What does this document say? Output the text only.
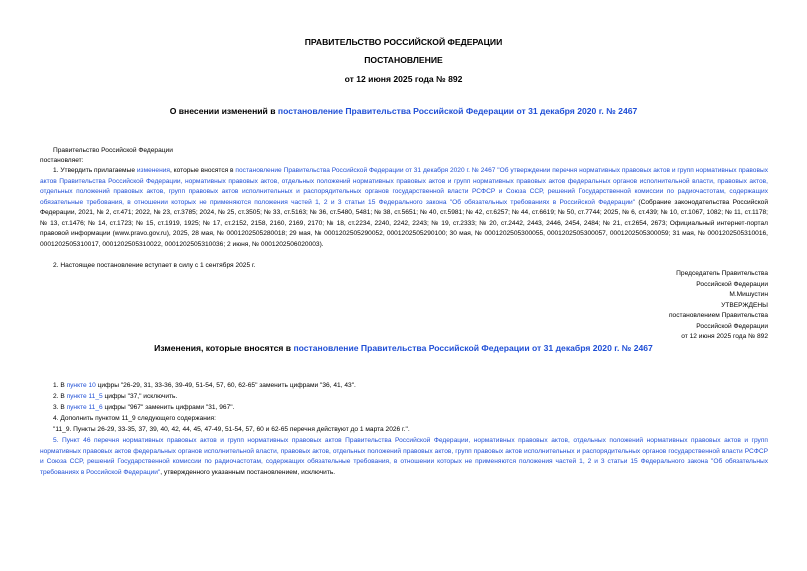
ПРАВИТЕЛЬСТВО РОССИЙСКОЙ ФЕДЕРАЦИИ
ПОСТАНОВЛЕНИЕ
от 12 июня 2025 года № 892
О внесении изменений в постановление Правительства Российской Федерации от 31 декабря 2020 г. № 2467
Правительство Российской Федерации
постановляет:
1. Утвердить прилагаемые изменения, которые вносятся в постановление Правительства Российской Федерации от 31 декабря 2020 г. № 2467 "Об утверждении перечня нормативных правовых актов и групп нормативных правовых актов Правительства Российской Федерации, нормативных правовых актов, отдельных положений нормативных правовых актов и групп нормативных правовых актов федеральных органов исполнительной власти, правовых актов, отдельных положений правовых актов, групп правовых актов исполнительных и распорядительных органов государственной власти РСФСР и Союза ССР, решений Государственной комиссии по радиочастотам, содержащих обязательные требования, в отношении которых не применяются положения частей 1, 2 и 3 статьи 15 Федерального закона "Об обязательных требованиях в Российской Федерации" (Собрание законодательства Российской Федерации, 2021, № 2, ст.471; 2022, № 23, ст.3785; 2024, № 25, ст.3505; № 33, ст.5163; № 36, ст.5480, 5481; № 38, ст.5651; № 40, ст.5981; № 42, ст.6257; № 44, ст.6619; № 50, ст.7744; 2025, № 6, ст.439; № 10, ст.1067, 1082; № 11, ст.1178; № 13, ст.1476; № 14, ст.1723; № 15, ст.1919, 1925; № 17, ст.2152, 2158, 2160, 2169, 2170; № 18, ст.2234, 2240, 2242, 2243; № 19, ст.2333; № 20, ст.2442, 2443, 2446, 2454, 2484; № 21, ст.2654, 2673; Официальный интернет-портал правовой информации (www.pravo.gov.ru), 2025, 28 мая, № 0001202505280018; 29 мая, № 0001202505290052, 0001202505290100; 30 мая, № 0001202505300055, 0001202505300057, 0001202505300059; 31 мая, № 0001202505310016, 0001202505310017, 0001202505310022, 0001202505310036; 2 июня, № 0001202506020003).
2. Настоящее постановление вступает в силу с 1 сентября 2025 г.
Председатель Правительства
Российской Федерации
М.Мишустин
УТВЕРЖДЕНЫ
постановлением Правительства
Российской Федерации
от 12 июня 2025 года № 892
Изменения, которые вносятся в постановление Правительства Российской Федерации от 31 декабря 2020 г. № 2467
1. В пункте 10 цифры "26-29, 31, 33-36, 39-49, 51-54, 57, 60, 62-65" заменить цифрами "36, 41, 43".
2. В пункте 11_5 цифры "37," исключить.
3. В пункте 11_6 цифры "967" заменить цифрами "31, 967".
4. Дополнить пунктом 11_9 следующего содержания:
"11_9. Пункты 26-29, 33-35, 37, 39, 40, 42, 44, 45, 47-49, 51-54, 57, 60 и 62-65 перечня действуют до 1 марта 2026 г.".
5. Пункт 46 перечня нормативных правовых актов и групп нормативных правовых актов Правительства Российской Федерации, нормативных правовых актов, отдельных положений нормативных правовых актов и групп нормативных правовых актов федеральных органов исполнительной власти, правовых актов, отдельных положений правовых актов, групп правовых актов исполнительных и распорядительных органов государственной власти РСФСР и Союза ССР, решений Государственной комиссии по радиочастотам, содержащих обязательные требования, в отношении которых не применяются положения частей 1, 2 и 3 статьи 15 Федерального закона "Об обязательных требованиях в Российской Федерации", утвержденного указанным постановлением, исключить.
